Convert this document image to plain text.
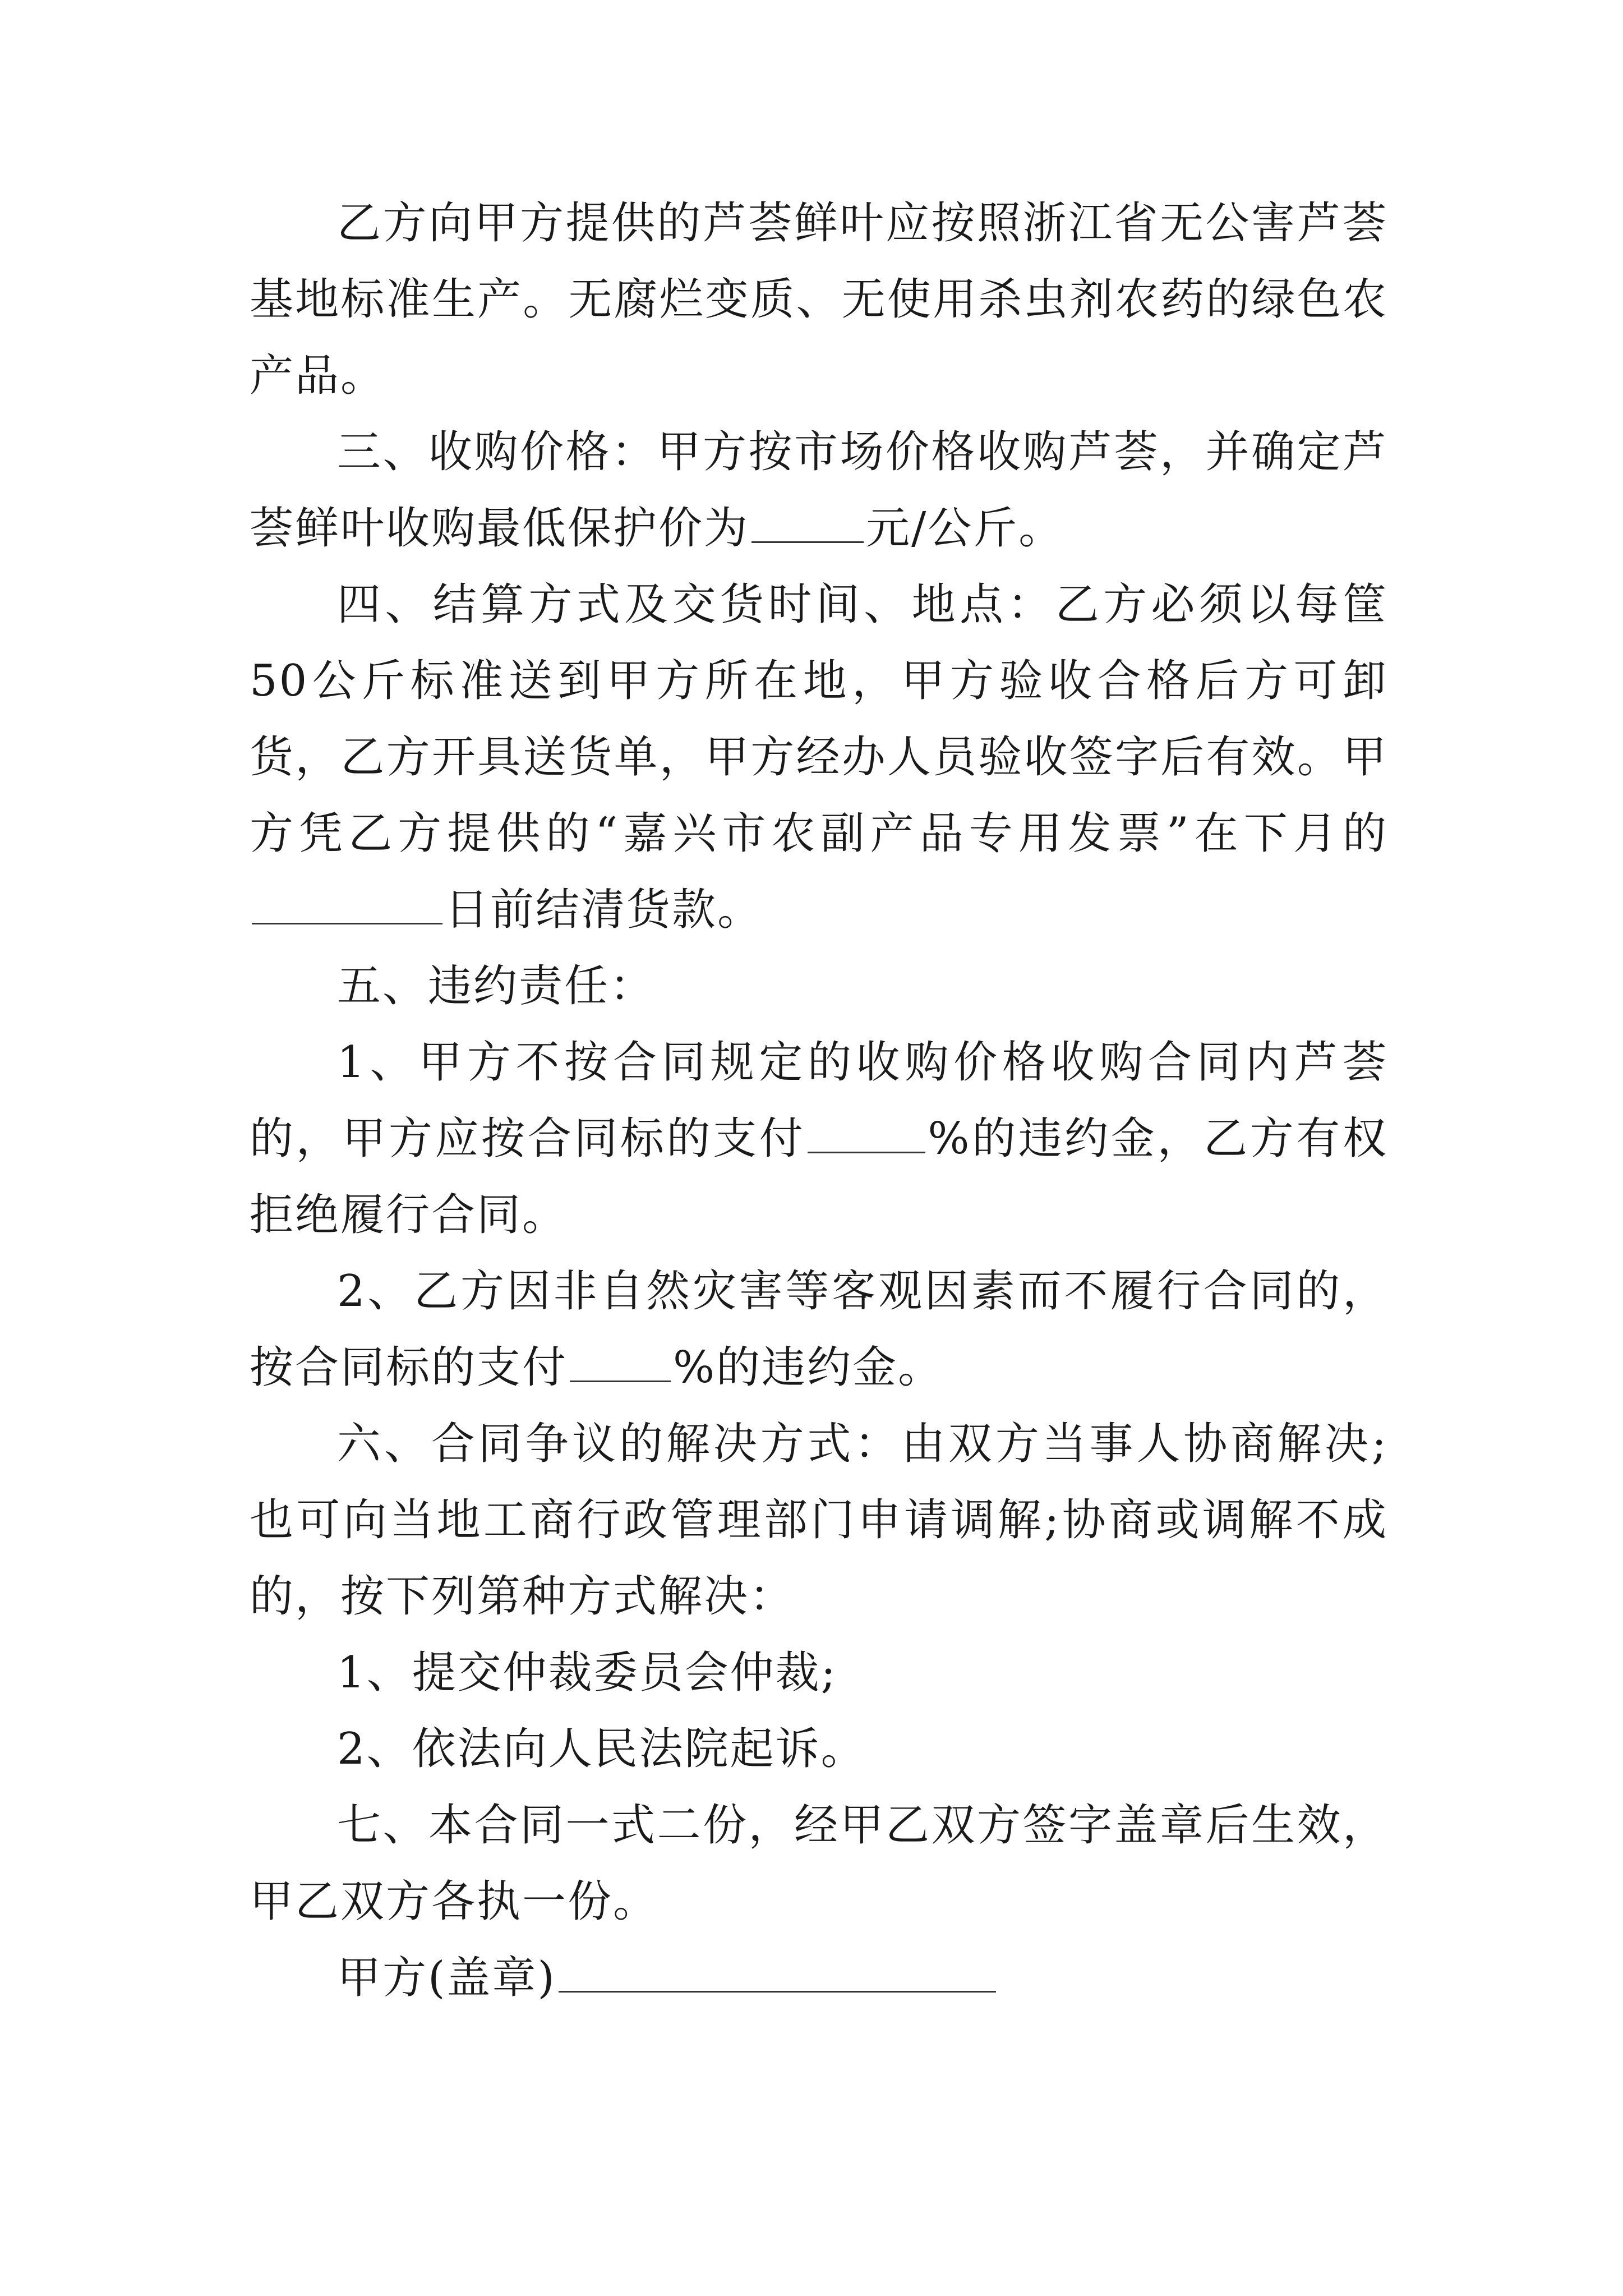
乙方向甲方提供的芦荟鲜叶应按照浙江省无公害芦荟基地标准生产。无腐烂变质、无使用杀虫剂农药的绿色农产品。

三、收购价格：甲方按市场价格收购芦荟，并确定芦荟鲜叶收购最低保护价为	元/公斤。

四、结算方式及交货时间、地点：乙方必须以每筐50公斤标准送到甲方所在地，甲方验收合格后方可卸货，乙方开具送货单，甲方经办人员验收签字后有效。甲方凭乙方提供的“嘉兴市农副产品专用发票”在下月的日前结清货款。

五、违约责任：

1、甲方不按合同规定的收购价格收购合同内芦荟的，甲方应按合同标的支付	%的违约金，乙方有权拒绝履行合同。

2、乙方因非自然灾害等客观因素而不履行合同的，按合同标的支付 %的违约金。

六、合同争议的解决方式：由双方当事人协商解决;也可向当地工商行政管理部门申请调解;协商或调解不成的，按下列第种方式解决：

1、提交仲裁委员会仲裁;

2、依法向人民法院起诉。

七、本合同一式二份，经甲乙双方签字盖章后生效，甲乙双方各执一份。

甲方(盖章)
